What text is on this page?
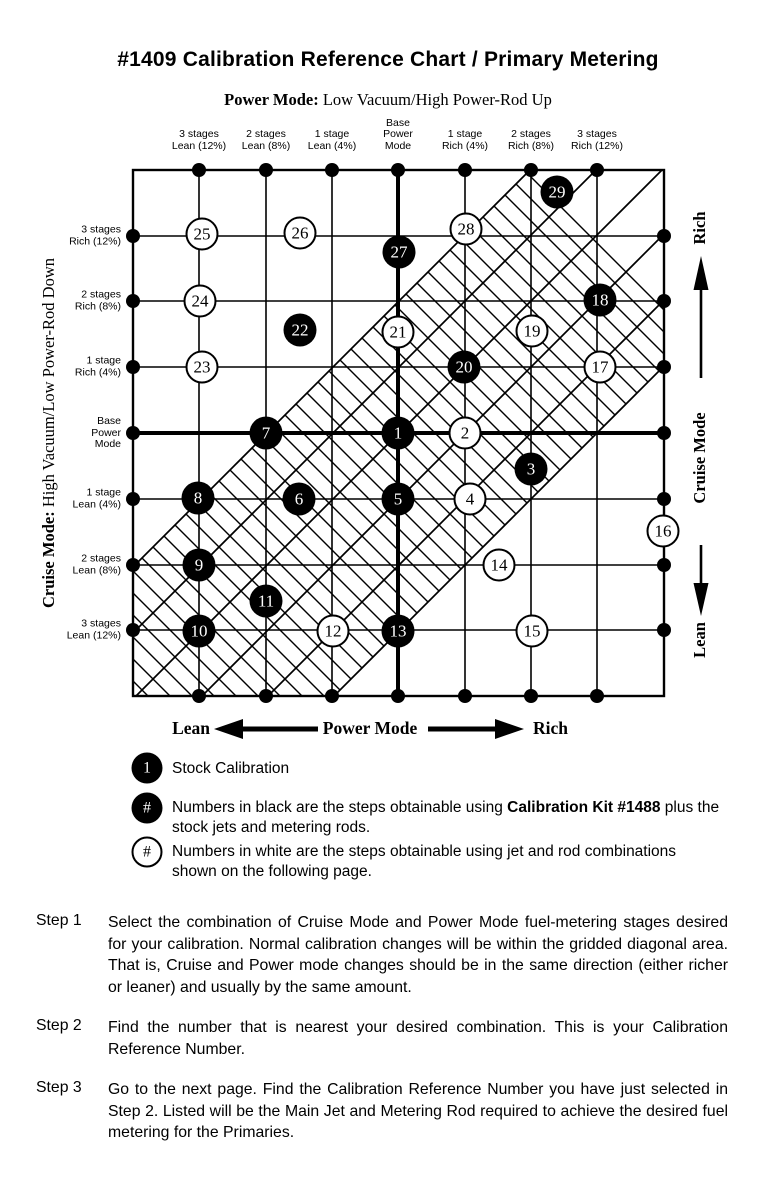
#1409 Calibration Reference Chart / Primary Metering
Power Mode: Low Vacuum/High Power-Rod Up
Cruise Mode: High Vacuum/Low Power-Rod Down
Rich
Cruise Mode
Lean
Lean	Power Mode	Rich
3 stages
Lean (12%)
2 stages
Lean (8%)
1 stage
Lean (4%)
Base
Power
Mode
1 stage
Rich (4%)
2 stages
Rich (8%)
3 stages
Rich (12%)
3 stages
Rich (12%)
2 stages
Rich (8%)
1 stage
Rich (4%)
Base
Power
Mode
1 stage
Lean (4%)
2 stages
Lean (8%)
3 stages
Lean (12%)
1	2
3
4
5
6
7
8
9
10
11
12	13
14
15
16
17
18
19
20
21
22
23
24
25	26
27
28
29
1	Stock Calibration
#	Numbers in black are the steps obtainable using Calibration Kit #1488 plus the stock jets and metering rods.
#	Numbers in white are the steps obtainable using jet and rod combinations shown on the following page.
Step 1	Select the combination of Cruise Mode and Power Mode fuel-metering stages desired for your calibration. Normal calibration changes will be within the gridded diagonal area. That is, Cruise and Power mode changes should be in the same direction (either richer or leaner) and usually by the same amount.
Step 2	Find the number that is nearest your desired combination. This is your Calibration Reference Number.
Step 3	Go to the next page. Find the Calibration Reference Number you have just selected in Step 2. Listed will be the Main Jet and Metering Rod required to achieve the desired fuel metering for the Primaries.
